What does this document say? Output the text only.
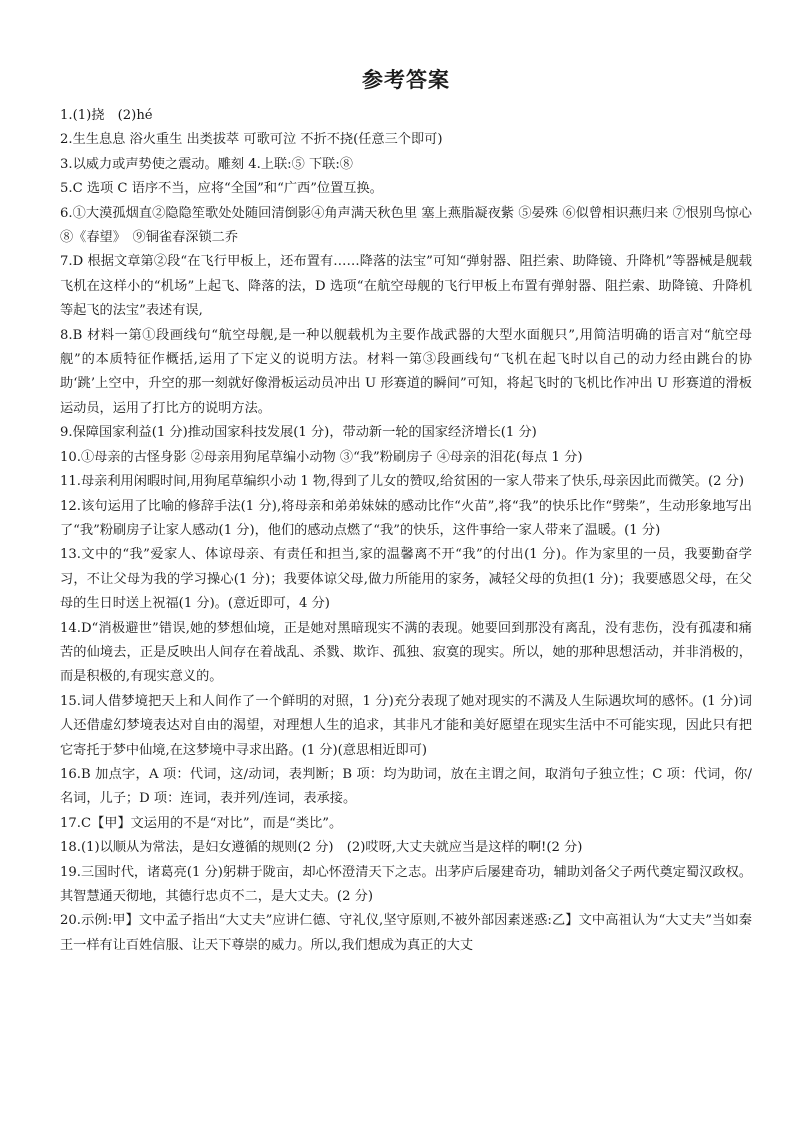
参考答案

1.(1)挠　(2)hé

2.生生息息 浴火重生 出类拔萃 可歌可泣 不折不挠(任意三个即可)

3.以威力或声势使之震动。雕刻 4.上联:⑤ 下联:⑧

5.C 选项 C 语序不当，应将“全国”和“广西”位置互换。

6.①大漠孤烟直②隐隐笙歌处处随回清倒影④角声满天秋色里 塞上燕脂凝夜紫 ⑤晏殊 ⑥似曾相识燕归来 ⑦恨别鸟惊心 ⑧《春望》　⑨铜雀春深锁二乔

7.D 根据文章第②段“在飞行甲板上，还布置有……降落的法宝”可知“弹射器、阻拦索、助降镜、升降机”等器械是舰载飞机在这样小的“机场”上起飞、降落的法，D 选项“在航空母舰的飞行甲板上布置有弹射器、阻拦索、助降镜、升降机等起飞的法宝”表述有误,

8.B 材料一第①段画线句“航空母舰,是一种以舰载机为主要作战武器的大型水面舰只”,用简洁明确的语言对“航空母舰”的本质特征作概括,运用了下定义的说明方法。材料一第③段画线句“飞机在起飞时以自己的动力经由跳台的协助‘跳’上空中，升空的那一刻就好像滑板运动员冲出 U 形赛道的瞬间”可知，将起飞时的飞机比作冲出 U 形赛道的滑板运动员，运用了打比方的说明方法。

9.保障国家利益(1 分)推动国家科技发展(1 分)，带动新一轮的国家经济增长(1 分)

10.①母亲的古怪身影 ②母亲用狗尾草编小动物 ③“我”粉刷房子 ④母亲的泪花(每点 1 分)

11.母亲利用闲暇时间,用狗尾草编织小动 1 物,得到了儿女的赞叹,给贫困的一家人带来了快乐,母亲因此而微笑。(2 分)

12.该句运用了比喻的修辞手法(1 分),将母亲和弟弟妹妹的感动比作“火苗”,将“我”的快乐比作“劈柴”，生动形象地写出了“我”粉刷房子让家人感动(1 分)，他们的感动点燃了“我”的快乐，这件事给一家人带来了温暖。(1 分)

13.文中的“我”爱家人、体谅母亲、有责任和担当,家的温馨离不开“我”的付出(1 分)。作为家里的一员，我要勤奋学习，不让父母为我的学习操心(1 分)；我要体谅父母,做力所能用的家务，减轻父母的负担(1 分)；我要感恩父母，在父母的生日时送上祝福(1 分)。(意近即可，4 分)

14.D“消极避世”错误,她的梦想仙境，正是她对黑暗现实不满的表现。她要回到那没有离乱，没有悲伤，没有孤凄和痛苦的仙境去，正是反映出人间存在着战乱、杀戮、欺诈、孤独、寂寞的现实。所以，她的那种思想活动，并非消极的，而是积极的,有现实意义的。

15.词人借梦境把天上和人间作了一个鲜明的对照，1 分)充分表现了她对现实的不满及人生际遇坎坷的感怀。(1 分)词人还借虚幻梦境表达对自由的渴望，对理想人生的追求，其非凡才能和美好愿望在现实生活中不可能实现，因此只有把它寄托于梦中仙境,在这梦境中寻求出路。(1 分)(意思相近即可)

16.B 加点字，A 项：代词，这/动词，表判断；B 项：均为助词，放在主谓之间，取消句子独立性；C 项：代词，你/名词，儿子；D 项：连词，表并列/连词，表承接。

17.C【甲】文运用的不是“对比”，而是“类比”。

18.(1)以顺从为常法，是妇女遵循的规则(2 分)　(2)哎呀,大丈夫就应当是这样的啊!(2 分)

19.三国时代，诸葛亮(1 分)躬耕于陇亩，却心怀澄清天下之志。出茅庐后屡建奇功，辅助刘备父子两代奠定蜀汉政权。其智慧通天彻地，其德行忠贞不二，是大丈夫。(2 分)

20.示例:甲】文中孟子指出“大丈夫”应讲仁德、守礼仪,坚守原则,不被外部因素迷惑:乙】文中高祖认为“大丈夫”当如秦王一样有让百姓信服、让天下尊崇的威力。所以,我们想成为真正的大丈
